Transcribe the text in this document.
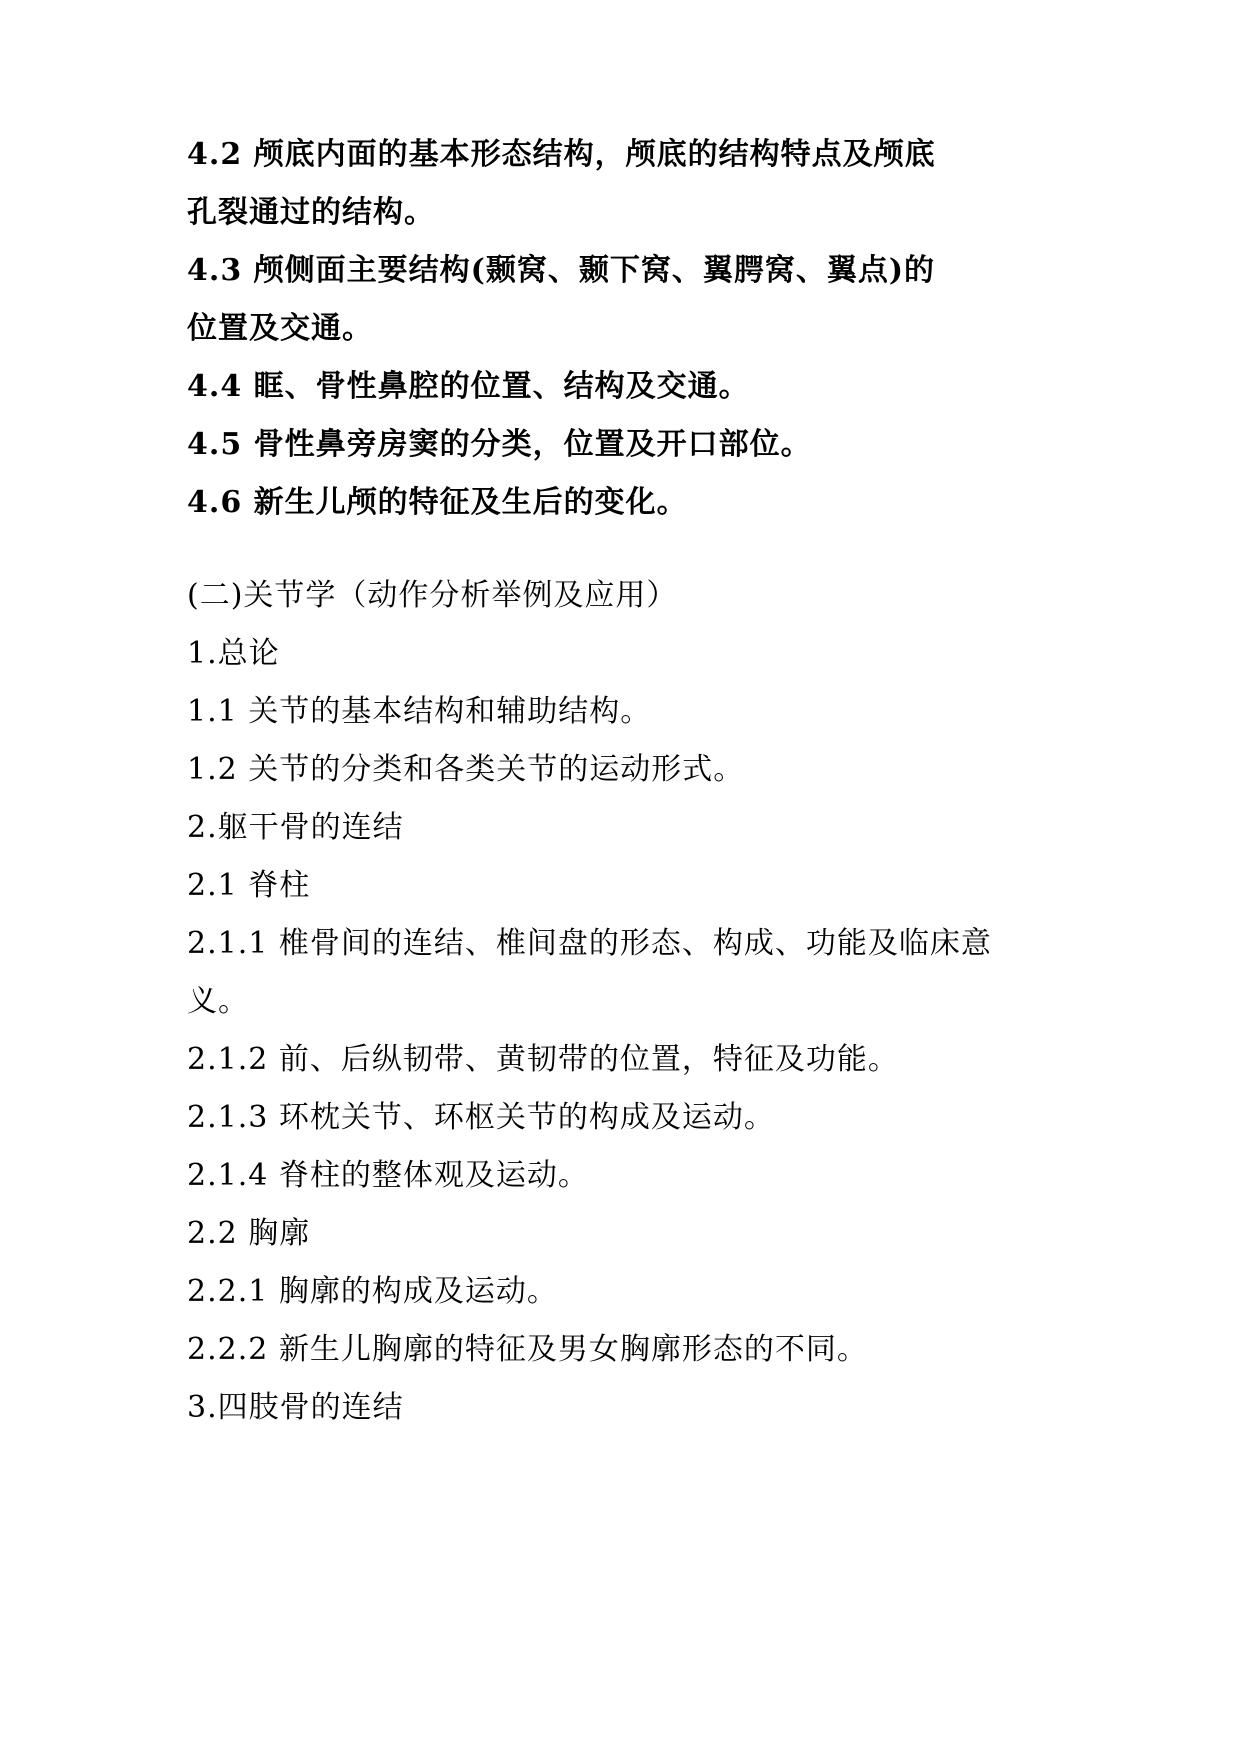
4.2 颅底内面的基本形态结构，颅底的结构特点及颅底
孔裂通过的结构。
4.3 颅侧面主要结构(颞窝、颞下窝、翼腭窝、翼点)的
位置及交通。
4.4 眶、骨性鼻腔的位置、结构及交通。
4.5 骨性鼻旁房窦的分类，位置及开口部位。
4.6 新生儿颅的特征及生后的变化。
(二)关节学（动作分析举例及应用）
1.总论
1.1 关节的基本结构和辅助结构。
1.2 关节的分类和各类关节的运动形式。
2.躯干骨的连结
2.1 脊柱
2.1.1 椎骨间的连结、椎间盘的形态、构成、功能及临床意
义。
2.1.2 前、后纵韧带、黄韧带的位置，特征及功能。
2.1.3 环枕关节、环枢关节的构成及运动。
2.1.4 脊柱的整体观及运动。
2.2 胸廓
2.2.1 胸廓的构成及运动。
2.2.2 新生儿胸廓的特征及男女胸廓形态的不同。
3.四肢骨的连结
